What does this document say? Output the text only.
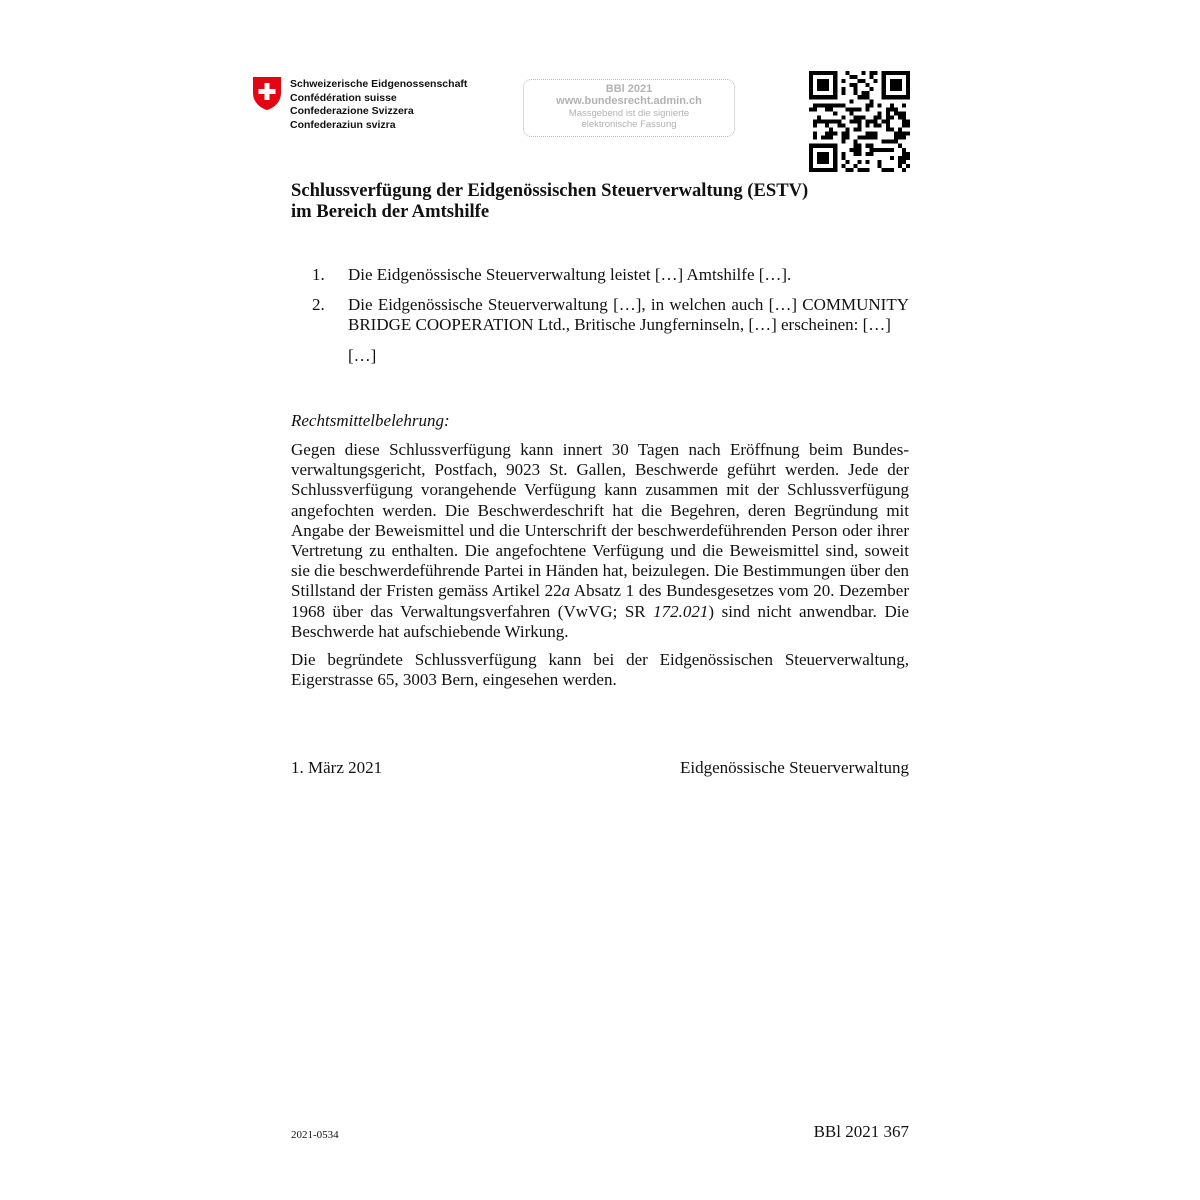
Schweizerische Eidgenossenschaft
Confédération suisse
Confederazione Svizzera
Confederaziun svizra
BBl 2021
www.bundesrecht.admin.ch
Massgebend ist die signierte
elektronische Fassung
Schlussverfügung der Eidgenössischen Steuerverwaltung (ESTV)
im Bereich der Amtshilfe
1. Die Eidgenössische Steuerverwaltung leistet […] Amtshilfe […].
2. Die Eidgenössische Steuerverwaltung […], in welchen auch […] COMMUNITY BRIDGE COOPERATION Ltd., Britische Jungferninseln, […] erscheinen: […]
[…]
Rechtsmittelbelehrung:

Gegen diese Schlussverfügung kann innert 30 Tagen nach Eröffnung beim Bundesverwaltungsgericht, Postfach, 9023 St. Gallen, Beschwerde geführt werden. Jede der Schlussverfügung vorangehende Verfügung kann zusammen mit der Schlussverfügung angefochten werden. Die Beschwerdeschrift hat die Begehren, deren Begründung mit Angabe der Beweismittel und die Unterschrift der beschwerdeführenden Person oder ihrer Vertretung zu enthalten. Die angefochtene Verfügung und die Beweismittel sind, soweit sie die beschwerdeführende Partei in Händen hat, beizulegen. Die Bestimmungen über den Stillstand der Fristen gemäss Artikel 22a Absatz 1 des Bundesgesetzes vom 20. Dezember 1968 über das Verwaltungsverfahren (VwVG; SR 172.021) sind nicht anwendbar. Die Beschwerde hat aufschiebende Wirkung.

Die begründete Schlussverfügung kann bei der Eidgenössischen Steuerverwaltung, Eigerstrasse 65, 3003 Bern, eingesehen werden.

1. März 2021	Eidgenössische Steuerverwaltung
2021-0534	BBl 2021 367
